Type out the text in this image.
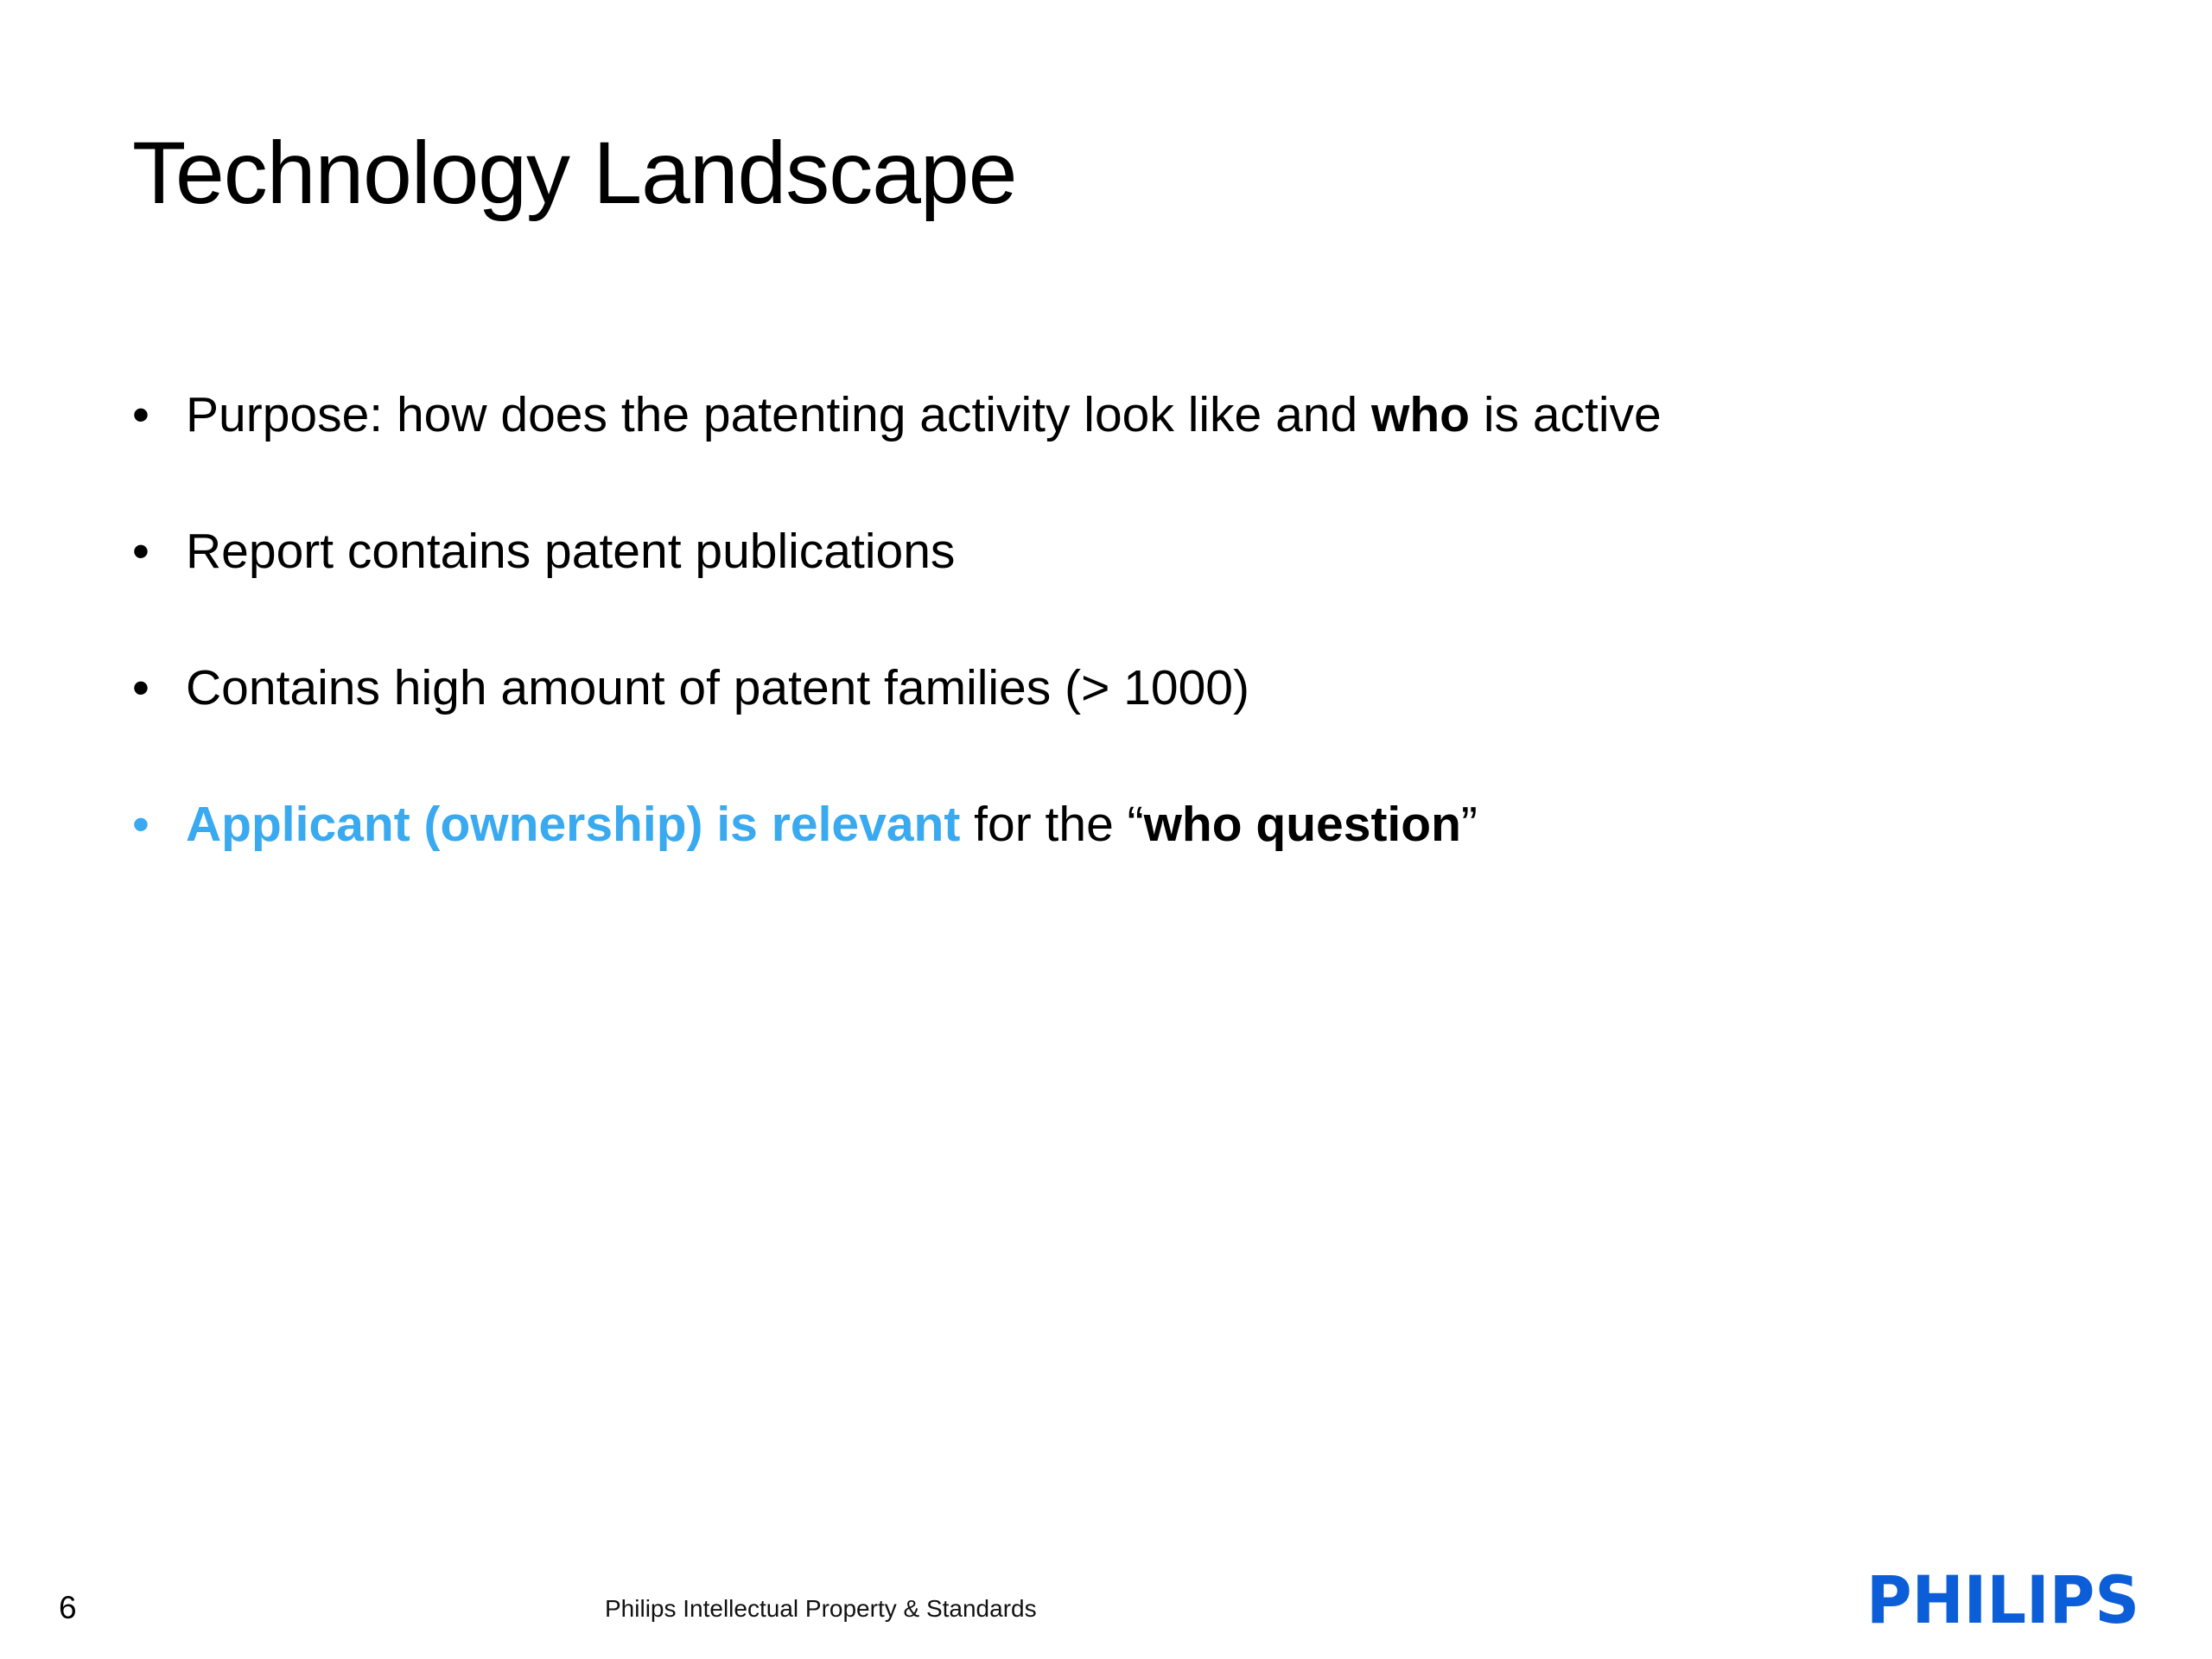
Technology Landscape
• Purpose: how does the patenting activity look like and who is active
• Report contains patent publications
• Contains high amount of patent families (> 1000)
• Applicant (ownership) is relevant for the “who question”
6	Philips Intellectual Property & Standards	PHILIPS
